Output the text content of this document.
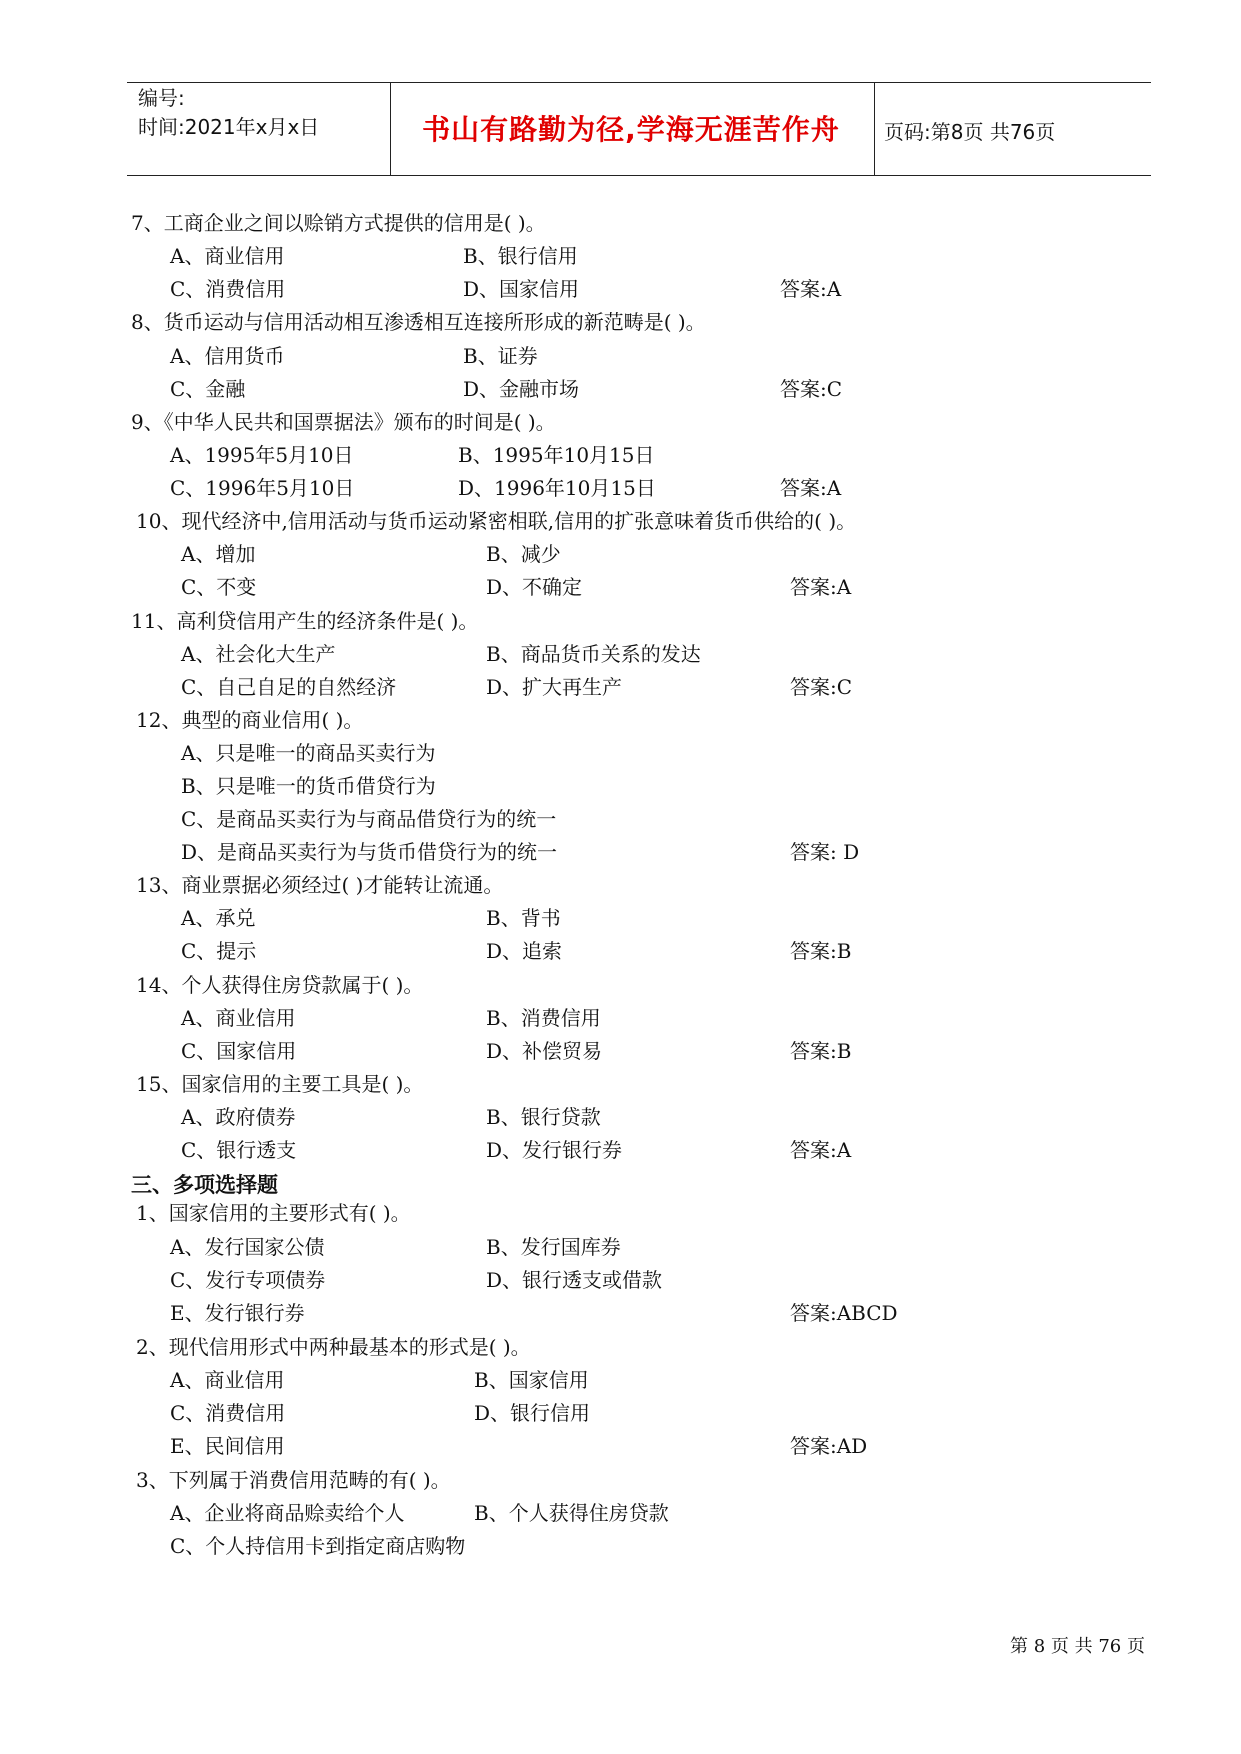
编号:
时间:2021年x月x日	书山有路勤为径,学海无涯苦作舟	页码:第8页 共76页
7、工商企业之间以赊销方式提供的信用是( )。
A、商业信用	B、银行信用
C、消费信用	D、国家信用	答案:A
8、货币运动与信用活动相互渗透相互连接所形成的新范畴是( )。
A、信用货币	B、证券
C、金融	D、金融市场	答案:C
9、《中华人民共和国票据法》颁布的时间是( )。
A、1995年5月10日	B、1995年10月15日
C、1996年5月10日	D、1996年10月15日	答案:A
10、现代经济中,信用活动与货币运动紧密相联,信用的扩张意味着货币供给的( )。
A、增加	B、减少
C、不变	D、不确定	答案:A
11、高利贷信用产生的经济条件是( )。
A、社会化大生产	B、商品货币关系的发达
C、自己自足的自然经济	D、扩大再生产	答案:C
12、典型的商业信用( )。
A、只是唯一的商品买卖行为
B、只是唯一的货币借贷行为
C、是商品买卖行为与商品借贷行为的统一
D、是商品买卖行为与货币借贷行为的统一	答案: D
13、商业票据必须经过( )才能转让流通。
A、承兑	B、背书
C、提示	D、追索	答案:B
14、个人获得住房贷款属于( )。
A、商业信用	B、消费信用
C、国家信用	D、补偿贸易	答案:B
15、国家信用的主要工具是( )。
A、政府债券	B、银行贷款
C、银行透支	D、发行银行券	答案:A
三、多项选择题
1、国家信用的主要形式有( )。
A、发行国家公债	B、发行国库券
C、发行专项债券	D、银行透支或借款
E、发行银行券	答案:ABCD
2、现代信用形式中两种最基本的形式是( )。
A、商业信用	B、国家信用
C、消费信用	D、银行信用
E、民间信用	答案:AD
3、下列属于消费信用范畴的有( )。
A、企业将商品赊卖给个人	B、个人获得住房贷款
C、个人持信用卡到指定商店购物
第 8 页 共 76 页
